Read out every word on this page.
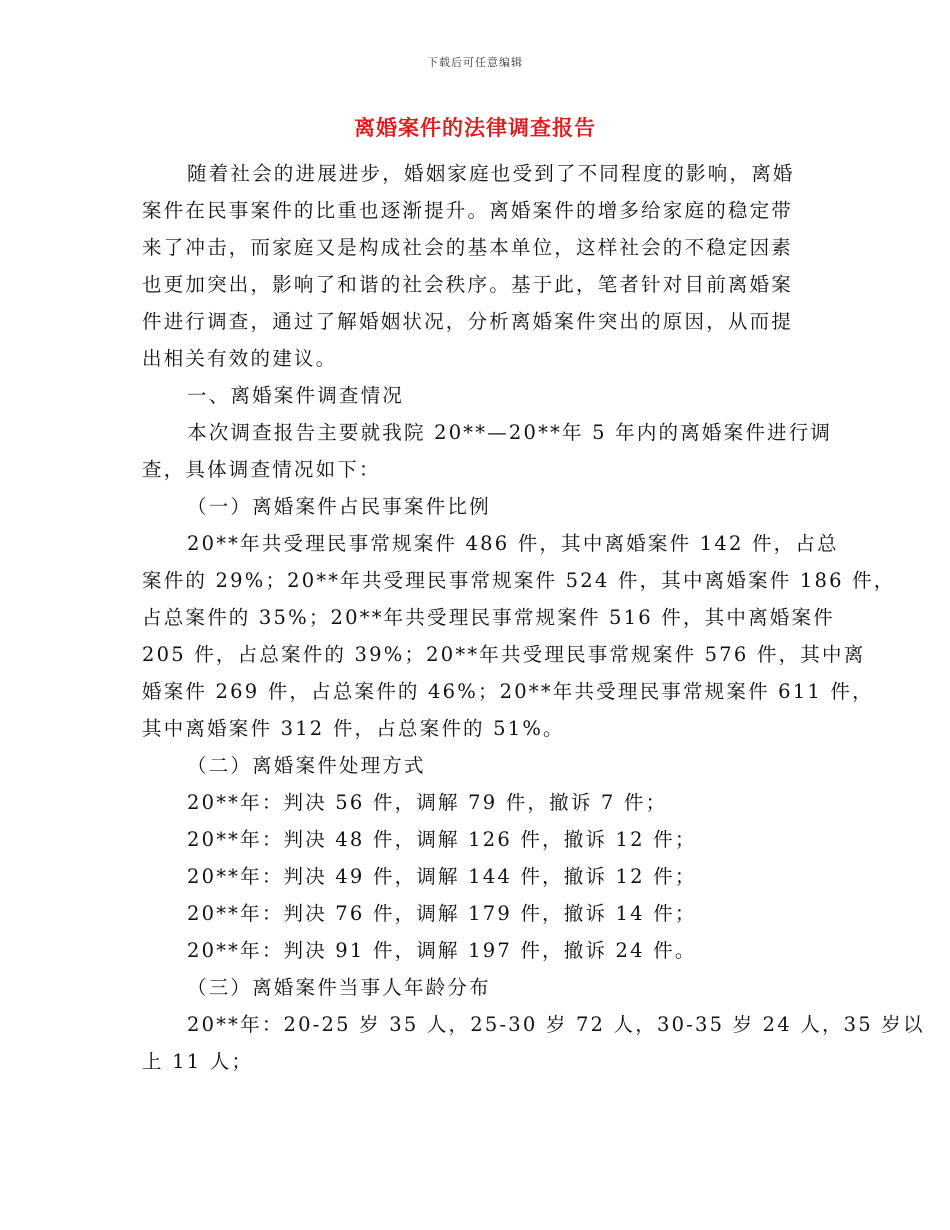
下载后可任意编辑
离婚案件的法律调查报告
随着社会的进展进步，婚姻家庭也受到了不同程度的影响，离婚
案件在民事案件的比重也逐渐提升。离婚案件的增多给家庭的稳定带
来了冲击，而家庭又是构成社会的基本单位，这样社会的不稳定因素
也更加突出，影响了和谐的社会秩序。基于此，笔者针对目前离婚案
件进行调查，通过了解婚姻状况，分析离婚案件突出的原因，从而提
出相关有效的建议。
一、离婚案件调查情况
本次调查报告主要就我院 20**—20**年 5 年内的离婚案件进行调
查，具体调查情况如下：
（一）离婚案件占民事案件比例
20**年共受理民事常规案件 486 件，其中离婚案件 142 件，占总
案件的 29%；20**年共受理民事常规案件 524 件，其中离婚案件 186 件，
占总案件的 35%；20**年共受理民事常规案件 516 件，其中离婚案件
205 件，占总案件的 39%；20**年共受理民事常规案件 576 件，其中离
婚案件 269 件，占总案件的 46%；20**年共受理民事常规案件 611 件，
其中离婚案件 312 件，占总案件的 51%。
（二）离婚案件处理方式
20**年：判决 56 件，调解 79 件，撤诉 7 件；
20**年：判决 48 件，调解 126 件，撤诉 12 件；
20**年：判决 49 件，调解 144 件，撤诉 12 件；
20**年：判决 76 件，调解 179 件，撤诉 14 件；
20**年：判决 91 件，调解 197 件，撤诉 24 件。
（三）离婚案件当事人年龄分布
20**年：20-25 岁 35 人，25-30 岁 72 人，30-35 岁 24 人，35 岁以
上 11 人；
